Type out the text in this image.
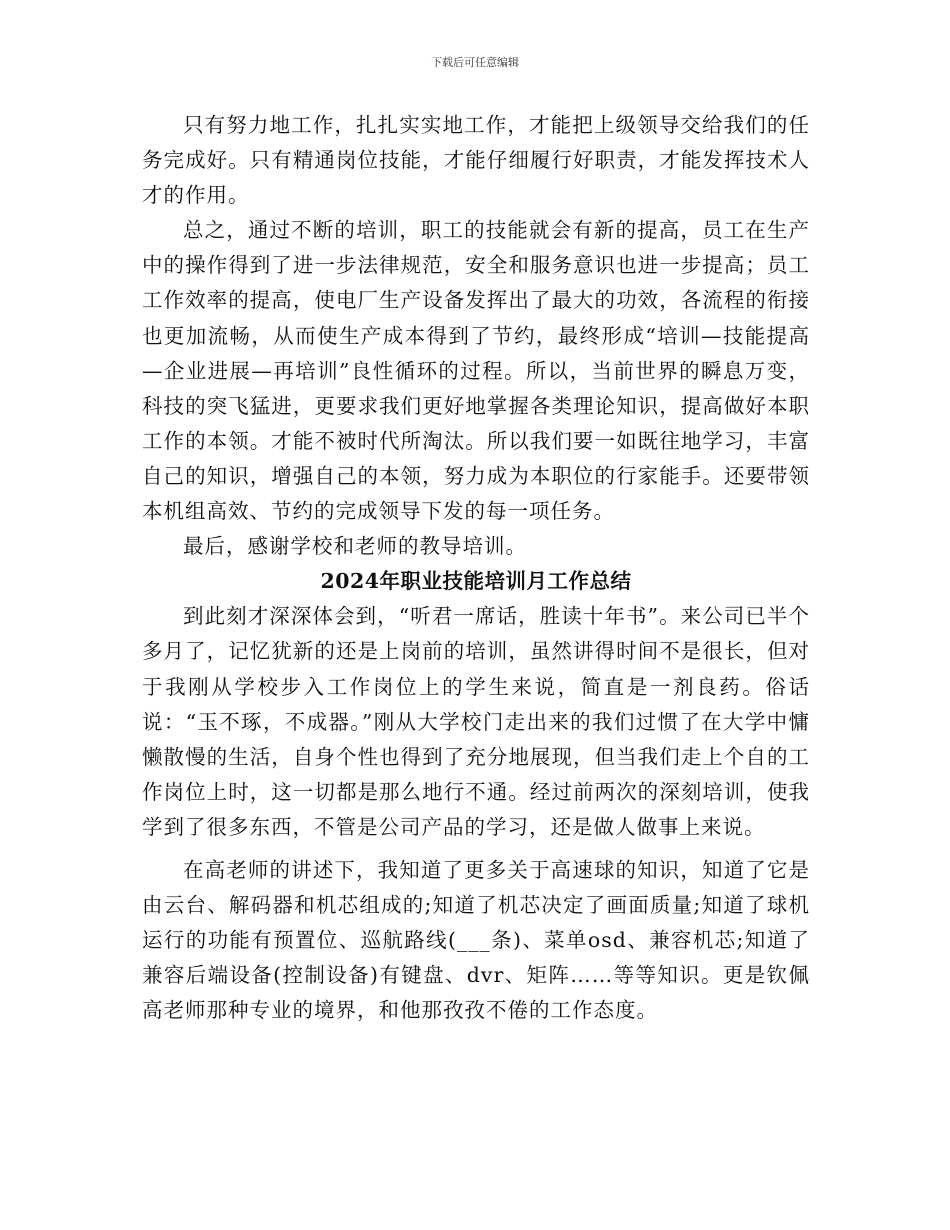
下载后可任意编辑

只有努力地工作，扎扎实实地工作，才能把上级领导交给我们的任务完成好。只有精通岗位技能，才能仔细履行好职责，才能发挥技术人才的作用。

总之，通过不断的培训，职工的技能就会有新的提高，员工在生产中的操作得到了进一步法律规范，安全和服务意识也进一步提高；员工工作效率的提高，使电厂生产设备发挥出了最大的功效，各流程的衔接也更加流畅，从而使生产成本得到了节约，最终形成“培训—技能提高—企业进展—再培训”良性循环的过程。所以，当前世界的瞬息万变，科技的突飞猛进，更要求我们更好地掌握各类理论知识，提高做好本职工作的本领。才能不被时代所淘汰。所以我们要一如既往地学习，丰富自己的知识，增强自己的本领，努力成为本职位的行家能手。还要带领本机组高效、节约的完成领导下发的每一项任务。

最后，感谢学校和老师的教导培训。

2024年职业技能培训月工作总结

到此刻才深深体会到，“听君一席话，胜读十年书”。来公司已半个多月了，记忆犹新的还是上岗前的培训，虽然讲得时间不是很长，但对于我刚从学校步入工作岗位上的学生来说，简直是一剂良药。俗话说：“玉不琢，不成器。”刚从大学校门走出来的我们过惯了在大学中慵懒散慢的生活，自身个性也得到了充分地展现，但当我们走上个自的工作岗位上时，这一切都是那么地行不通。经过前两次的深刻培训，使我学到了很多东西，不管是公司产品的学习，还是做人做事上来说。

在高老师的讲述下，我知道了更多关于高速球的知识，知道了它是由云台、解码器和机芯组成的;知道了机芯决定了画面质量;知道了球机运行的功能有预置位、巡航路线(___条)、菜单osd、兼容机芯;知道了兼容后端设备(控制设备)有键盘、dvr、矩阵……等等知识。更是钦佩高老师那种专业的境界，和他那孜孜不倦的工作态度。
